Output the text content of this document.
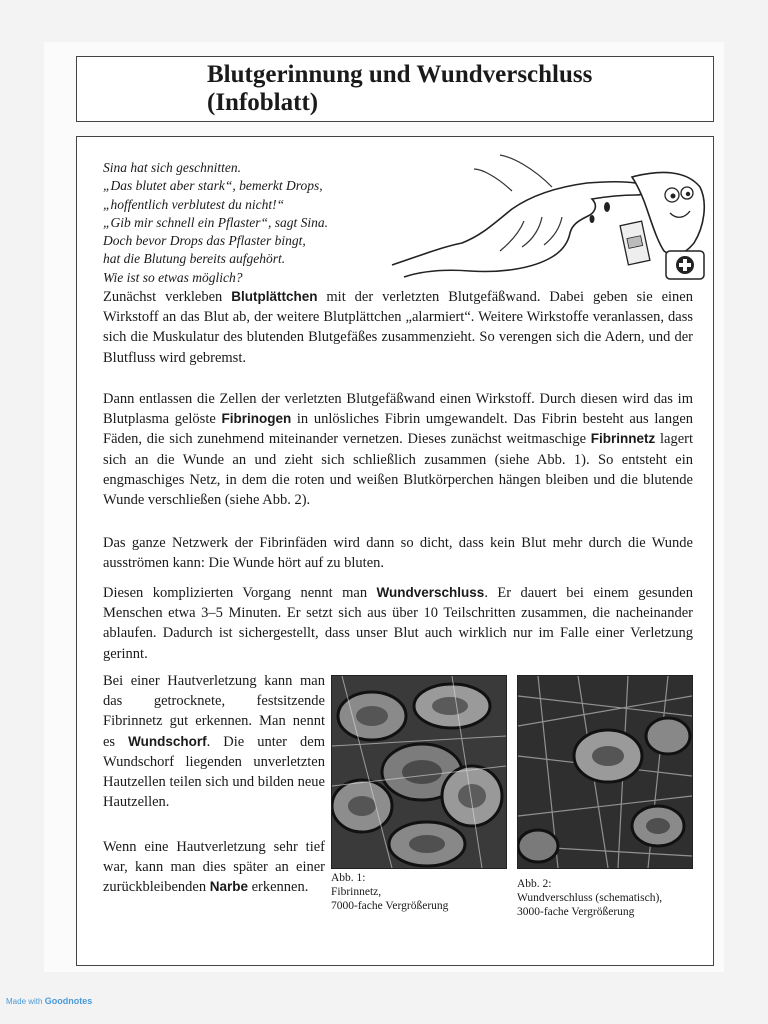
Blutgerinnung und Wundverschluss
(Infoblatt)
Sina hat sich geschnitten.
„Das blutet aber stark“, bemerkt Drops,
„hoffentlich verblutest du nicht!“
„Gib mir schnell ein Pflaster“, sagt Sina.
Doch bevor Drops das Pflaster bingt,
hat die Blutung bereits aufgehört.
Wie ist so etwas möglich?

Zunächst verkleben Blutplättchen mit der verletzten Blutgefäßwand. Dabei geben sie einen Wirkstoff an das Blut ab, der weitere Blutplättchen „alarmiert“. Weitere Wirkstoffe veranlassen, dass sich die Muskulatur des blutenden Blutgefäßes zusammenzieht. So verengen sich die Adern, und der Blutfluss wird gebremst.

Dann entlassen die Zellen der verletzten Blutgefäßwand einen Wirkstoff. Durch diesen wird das im Blutplasma gelöste Fibrinogen in unlösliches Fibrin umgewandelt. Das Fibrin besteht aus langen Fäden, die sich zunehmend miteinander vernetzen. Dieses zunächst weitmaschige Fibrinnetz lagert sich an die Wunde an und zieht sich schließlich zusammen (siehe Abb. 1). So entsteht ein engmaschiges Netz, in dem die roten und weißen Blutkörperchen hängen bleiben und die blutende Wunde verschließen (siehe Abb. 2).

Das ganze Netzwerk der Fibrinfäden wird dann so dicht, dass kein Blut mehr durch die Wunde ausströmen kann: Die Wunde hört auf zu bluten.

Diesen komplizierten Vorgang nennt man Wundverschluss. Er dauert bei einem gesunden Menschen etwa 3–5 Minuten. Er setzt sich aus über 10 Teilschritten zusammen, die nacheinander ablaufen. Dadurch ist sichergestellt, dass unser Blut auch wirklich nur im Falle einer Verletzung gerinnt.

Bei einer Hautverletzung kann man das getrocknete, festsitzende Fibrinnetz gut erkennen. Man nennt es Wundschorf. Die unter dem Wundschorf liegenden unverletzten Hautzellen teilen sich und bilden neue Hautzellen.

Wenn eine Hautverletzung sehr tief war, kann man dies später an einer zurückbleibenden Narbe erkennen.

Abb. 1:
Fibrinnetz,
7000-fache Vergrößerung
Abb. 2:
Wundverschluss (schematisch),
3000-fache Vergrößerung
Made with Goodnotes
